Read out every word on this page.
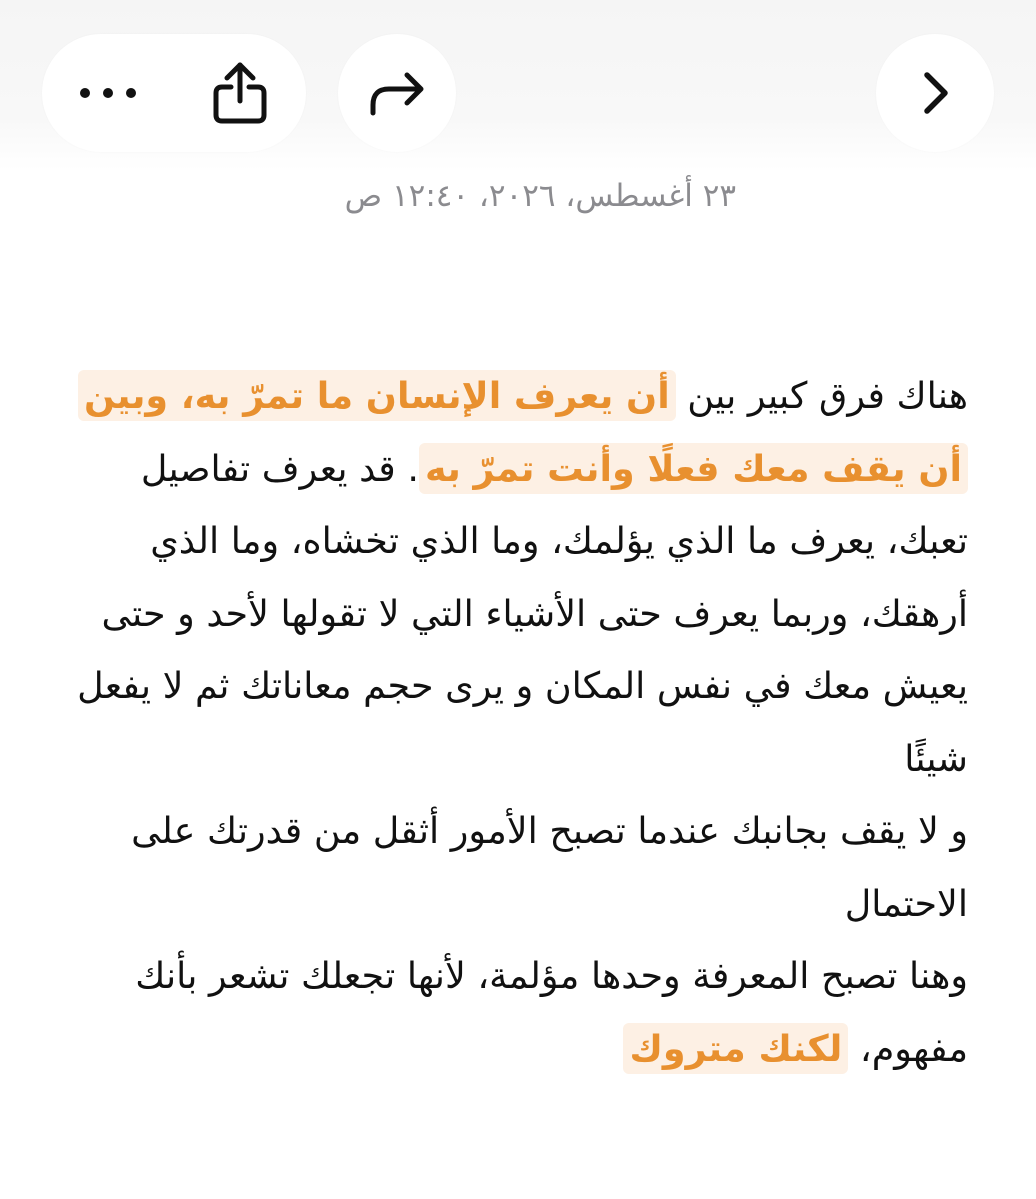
٢٣ أغسطس، ٢٠٢٦، ١٢:٤٠ ص

هناك فرق كبير بين أن يعرف الإنسان ما تمرّ به، وبين أن يقف معك فعلًا وأنت تمرّ به. قد يعرف تفاصيل تعبك، يعرف ما الذي يؤلمك، وما الذي تخشاه، وما الذي أرهقك، وربما يعرف حتى الأشياء التي لا تقولها لأحد و حتى يعيش معك في نفس المكان و يرى حجم معاناتك ثم لا يفعل شيئًا

و لا يقف بجانبك عندما تصبح الأمور أثقل من قدرتك على الاحتمال

وهنا تصبح المعرفة وحدها مؤلمة، لأنها تجعلك تشعر بأنك مفهوم، لكنك متروك
